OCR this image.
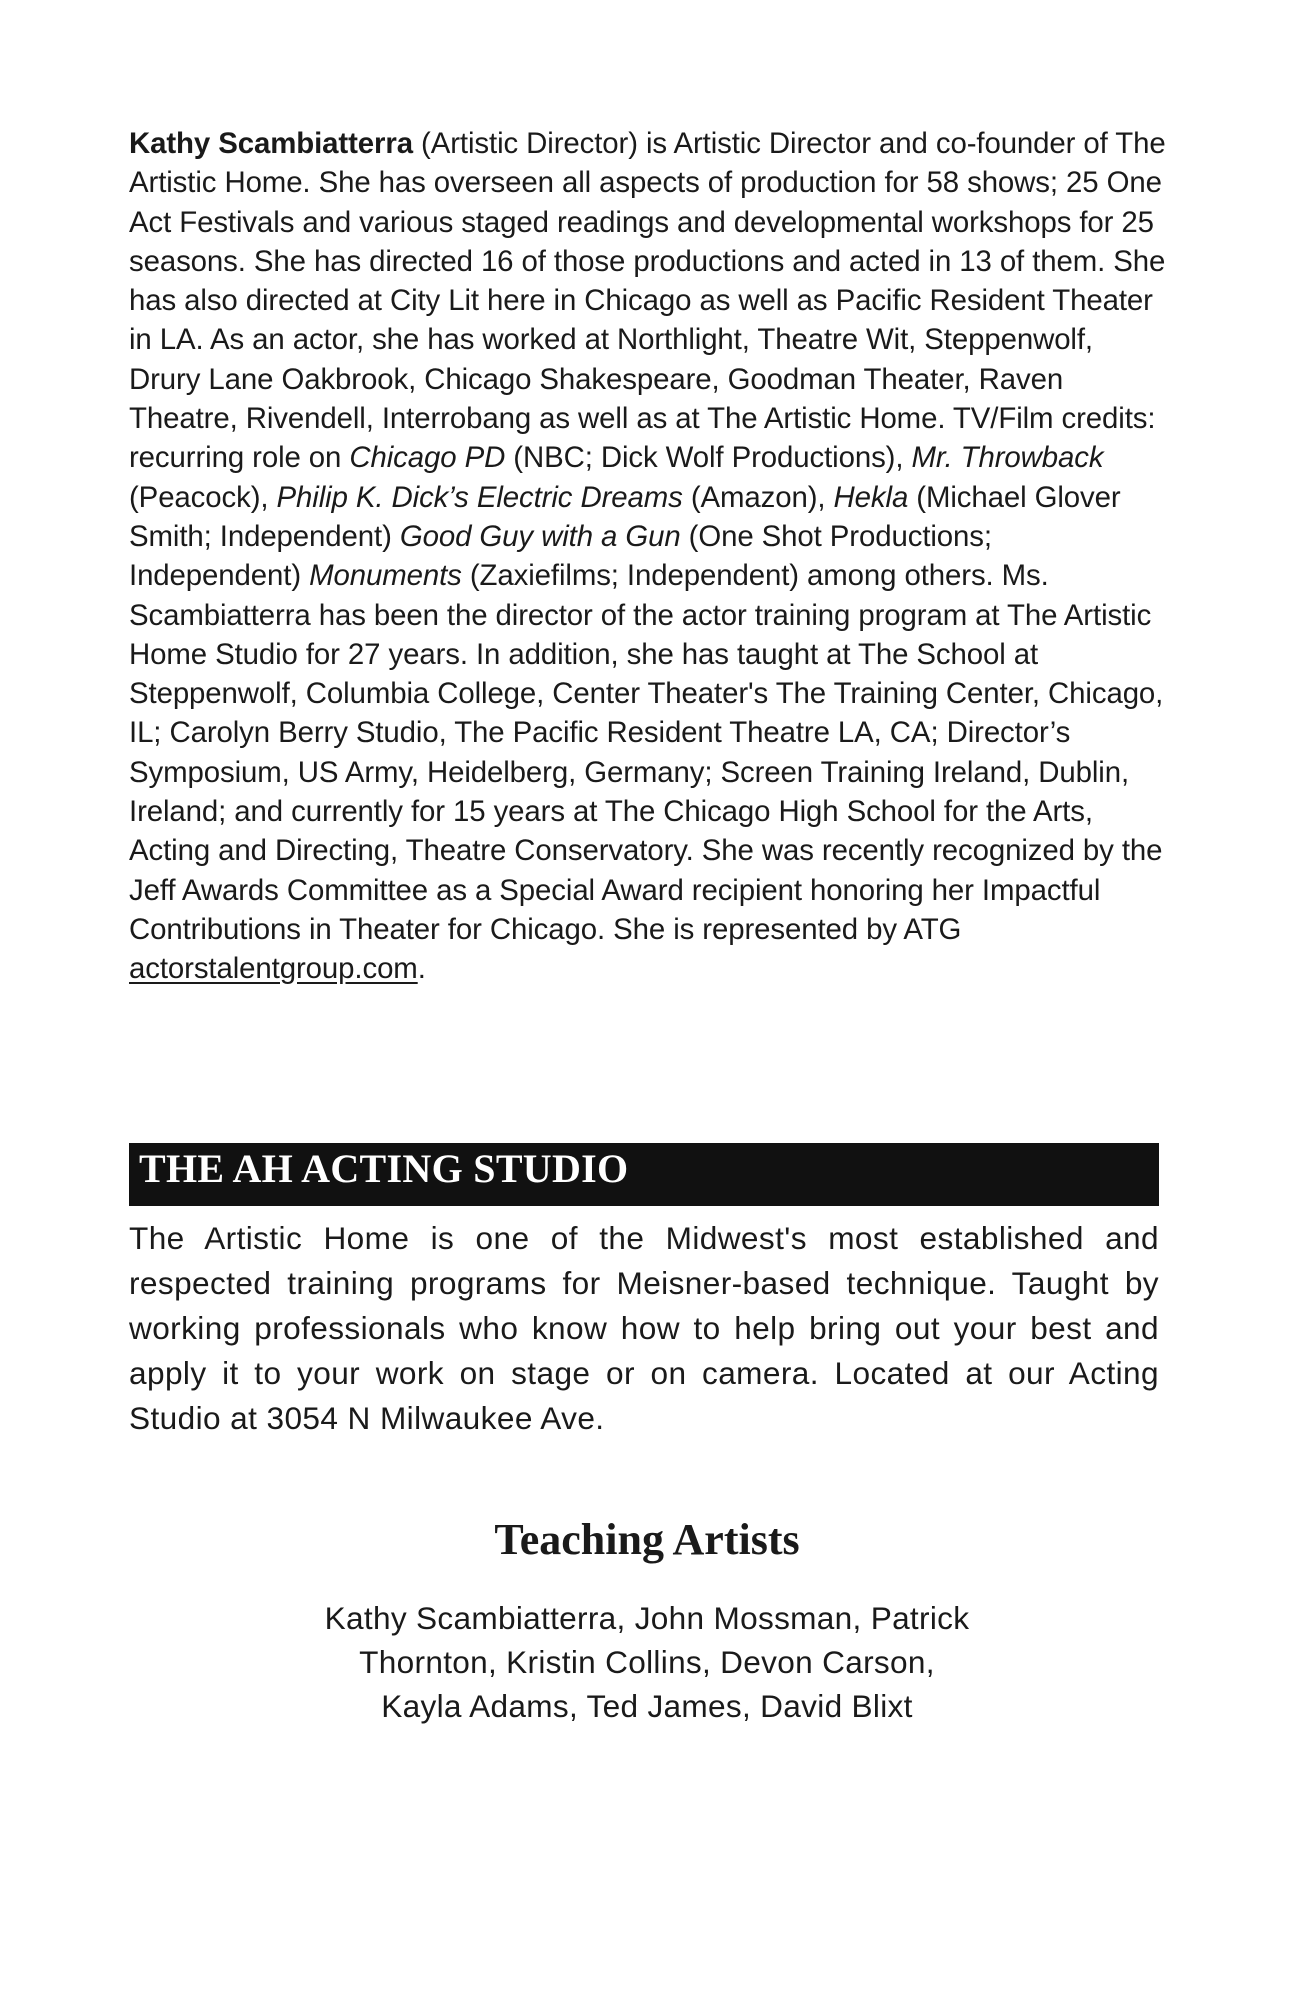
Kathy Scambiatterra (Artistic Director) is Artistic Director and co-founder of The Artistic Home. She has overseen all aspects of production for 58 shows; 25 One Act Festivals and various staged readings and developmental workshops for 25 seasons. She has directed 16 of those productions and acted in 13 of them. She has also directed at City Lit here in Chicago as well as Pacific Resident Theater in LA. As an actor, she has worked at Northlight, Theatre Wit, Steppenwolf, Drury Lane Oakbrook, Chicago Shakespeare, Goodman Theater, Raven Theatre, Rivendell, Interrobang as well as at The Artistic Home. TV/Film credits: recurring role on Chicago PD (NBC; Dick Wolf Productions), Mr. Throwback (Peacock), Philip K. Dick’s Electric Dreams (Amazon), Hekla (Michael Glover Smith; Independent) Good Guy with a Gun (One Shot Productions; Independent) Monuments (Zaxiefilms; Independent) among others. Ms. Scambiatterra has been the director of the actor training program at The Artistic Home Studio for 27 years. In addition, she has taught at The School at Steppenwolf, Columbia College, Center Theater's The Training Center, Chicago, IL; Carolyn Berry Studio, The Pacific Resident Theatre LA, CA; Director’s Symposium, US Army, Heidelberg, Germany; Screen Training Ireland, Dublin, Ireland; and currently for 15 years at The Chicago High School for the Arts, Acting and Directing, Theatre Conservatory. She was recently recognized by the Jeff Awards Committee as a Special Award recipient honoring her Impactful Contributions in Theater for Chicago. She is represented by ATG actorstalentgroup.com.

THE AH ACTING STUDIO

The Artistic Home is one of the Midwest's most established and respected training programs for Meisner-based technique. Taught by working professionals who know how to help bring out your best and apply it to your work on stage or on camera. Located at our Acting Studio at 3054 N Milwaukee Ave.

Teaching Artists

Kathy Scambiatterra, John Mossman, Patrick Thornton, Kristin Collins, Devon Carson, Kayla Adams, Ted James, David Blixt
